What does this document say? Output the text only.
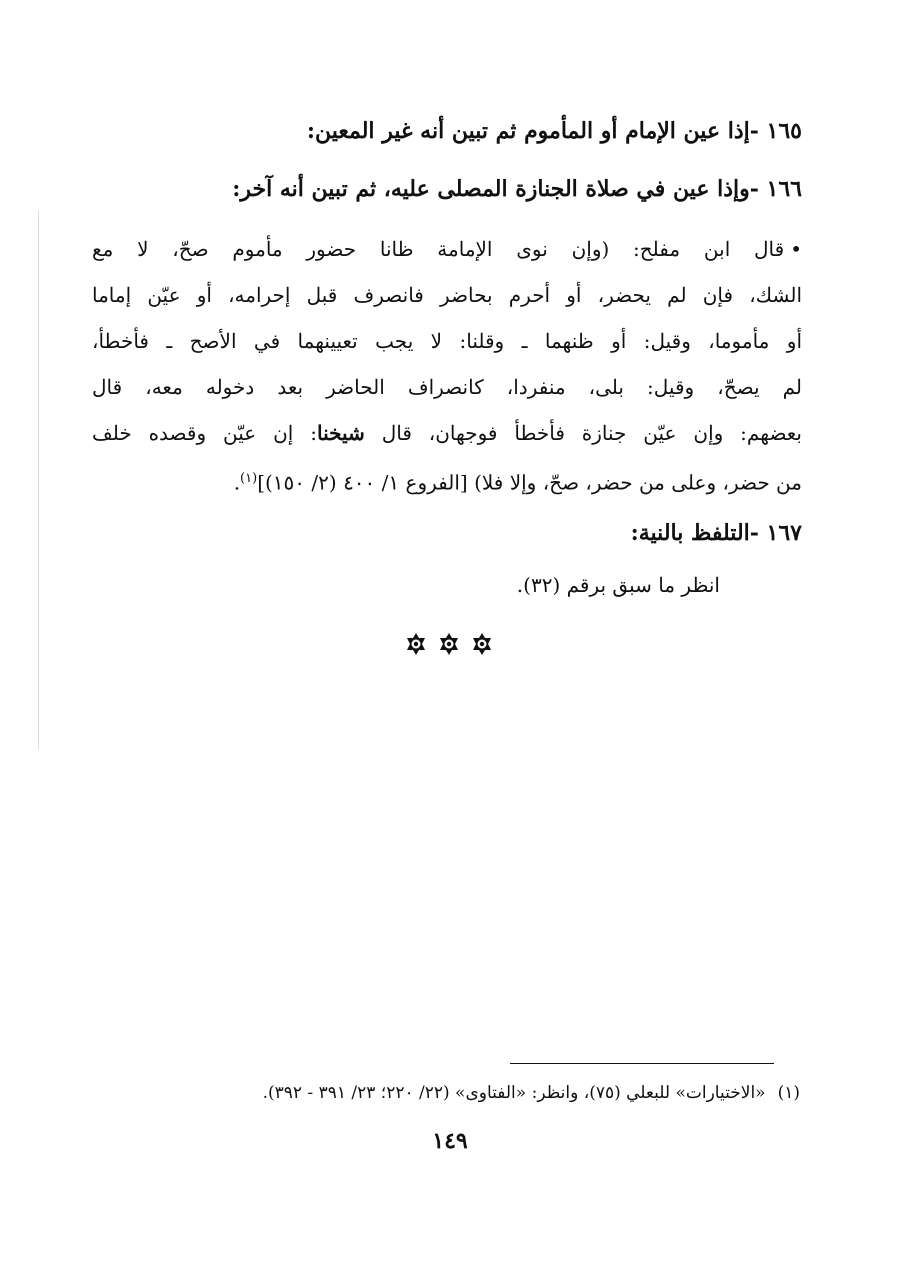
١٦٥ -إذا عين الإمام أو المأموم ثم تبين أنه غير المعين:
١٦٦ -وإذا عين في صلاة الجنازة المصلى عليه، ثم تبين أنه آخر:
•قال ابن مفلح: (وإن نوى الإمامة ظانا حضور مأموم صحّ، لا مع
الشك، فإن لم يحضر، أو أحرم بحاضر فانصرف قبل إحرامه، أو عيّن إماما
أو مأموما، وقيل: أو ظنهما ـ وقلنا: لا يجب تعيينهما في الأصح ـ فأخطأ،
لم يصحّ، وقيل: بلى، منفردا، كانصراف الحاضر بعد دخوله معه، قال
بعضهم: وإن عيّن جنازة فأخطأ فوجهان، قال شيخنا: إن عيّن وقصده خلف
من حضر، وعلى من حضر، صحّ، وإلا فلا) [الفروع ١/ ٤٠٠ (٢/ ١٥٠)]$^{(١)}$.
١٦٧ -التلفظ بالنية:
انظر ما سبق برقم (٣٢).
(١)«الاختيارات» للبعلي (٧٥)، وانظر: «الفتاوى» (٢٢/ ٢٢٠؛ ٢٣/ ٣٩١ - ٣٩٢).
١٤٩
